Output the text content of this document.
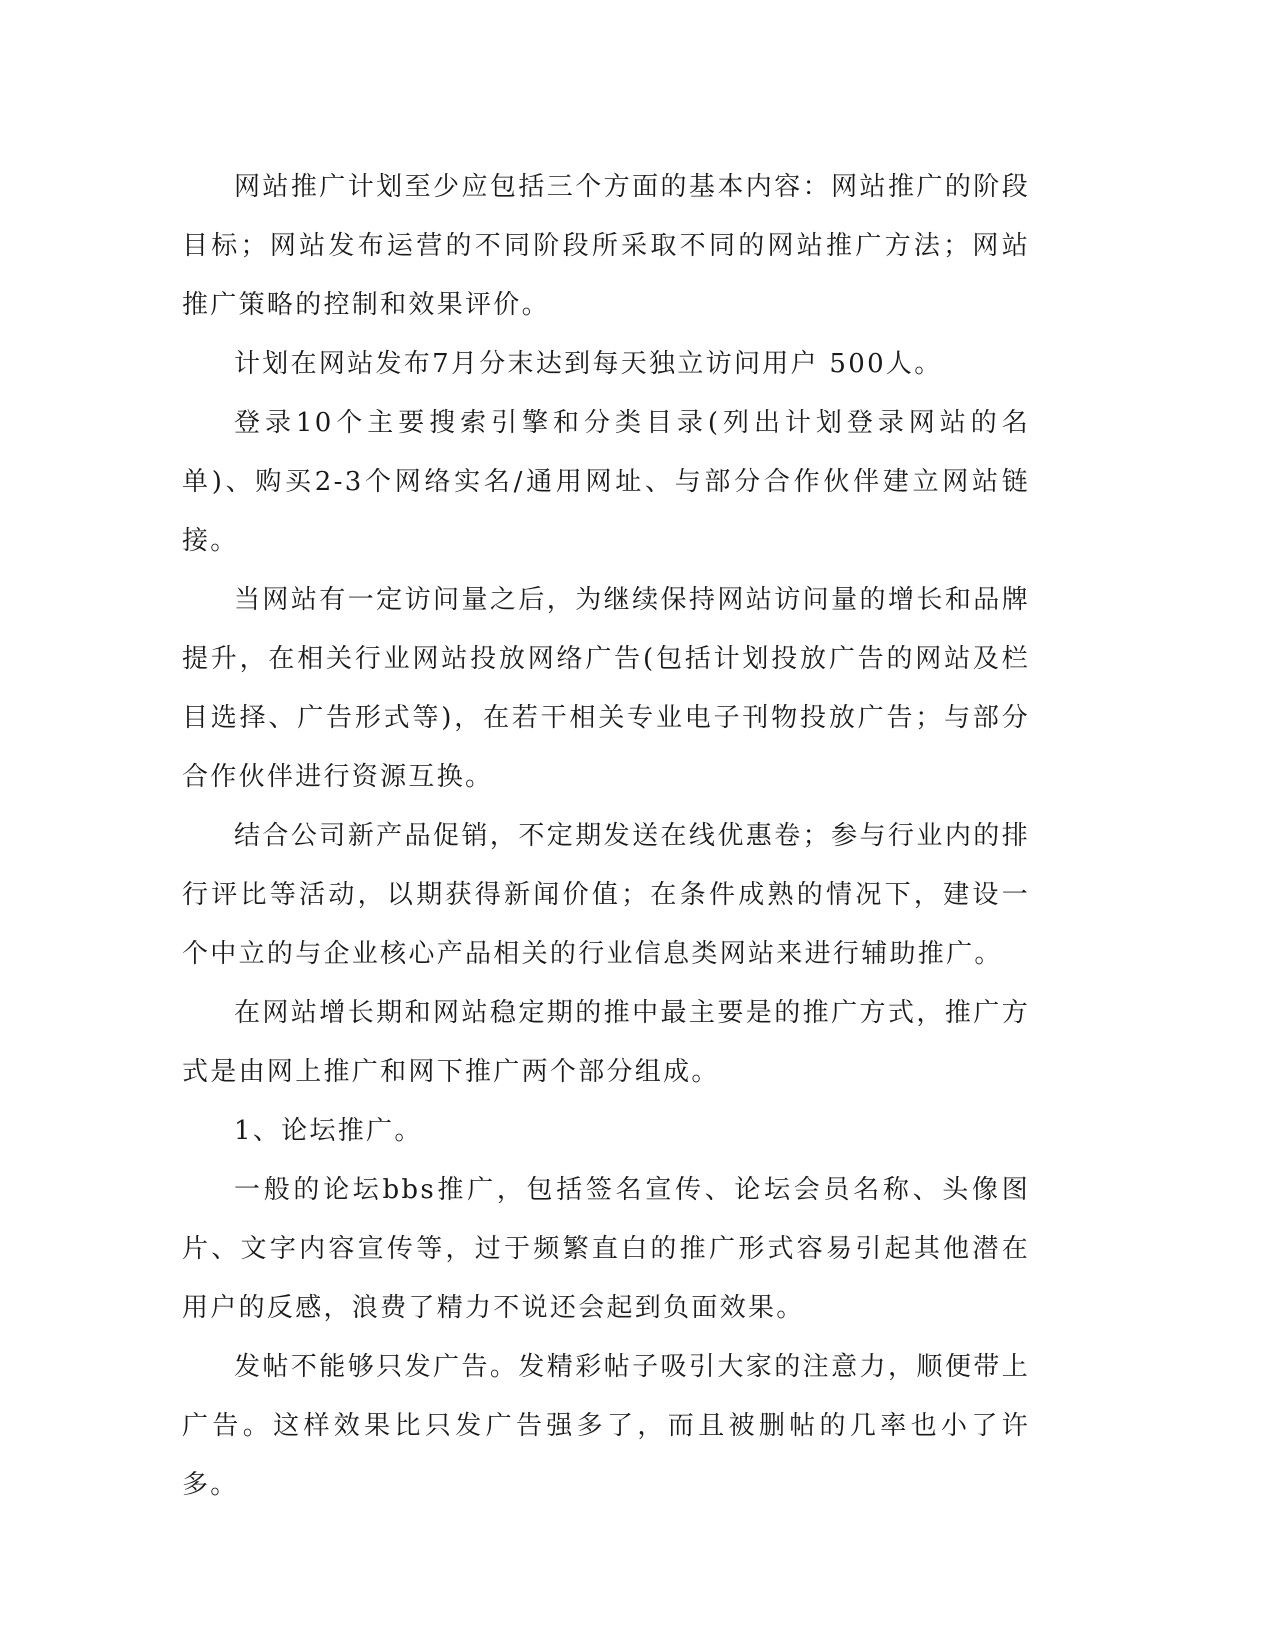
网站推广计划至少应包括三个方面的基本内容：网站推广的阶段目标；网站发布运营的不同阶段所采取不同的网站推广方法；网站推广策略的控制和效果评价。

计划在网站发布7月分末达到每天独立访问用户 500人。

登录10个主要搜索引擎和分类目录(列出计划登录网站的名单)、购买2-3个网络实名/通用网址、与部分合作伙伴建立网站链接。

当网站有一定访问量之后，为继续保持网站访问量的增长和品牌提升，在相关行业网站投放网络广告(包括计划投放广告的网站及栏目选择、广告形式等)，在若干相关专业电子刊物投放广告；与部分合作伙伴进行资源互换。

结合公司新产品促销，不定期发送在线优惠卷；参与行业内的排行评比等活动，以期获得新闻价值；在条件成熟的情况下，建设一个中立的与企业核心产品相关的行业信息类网站来进行辅助推广。

在网站增长期和网站稳定期的推中最主要是的推广方式，推广方式是由网上推广和网下推广两个部分组成。

1、论坛推广。

一般的论坛bbs推广，包括签名宣传、论坛会员名称、头像图片、文字内容宣传等，过于频繁直白的推广形式容易引起其他潜在用户的反感，浪费了精力不说还会起到负面效果。

发帖不能够只发广告。发精彩帖子吸引大家的注意力，顺便带上广告。这样效果比只发广告强多了，而且被删帖的几率也小了许多。
